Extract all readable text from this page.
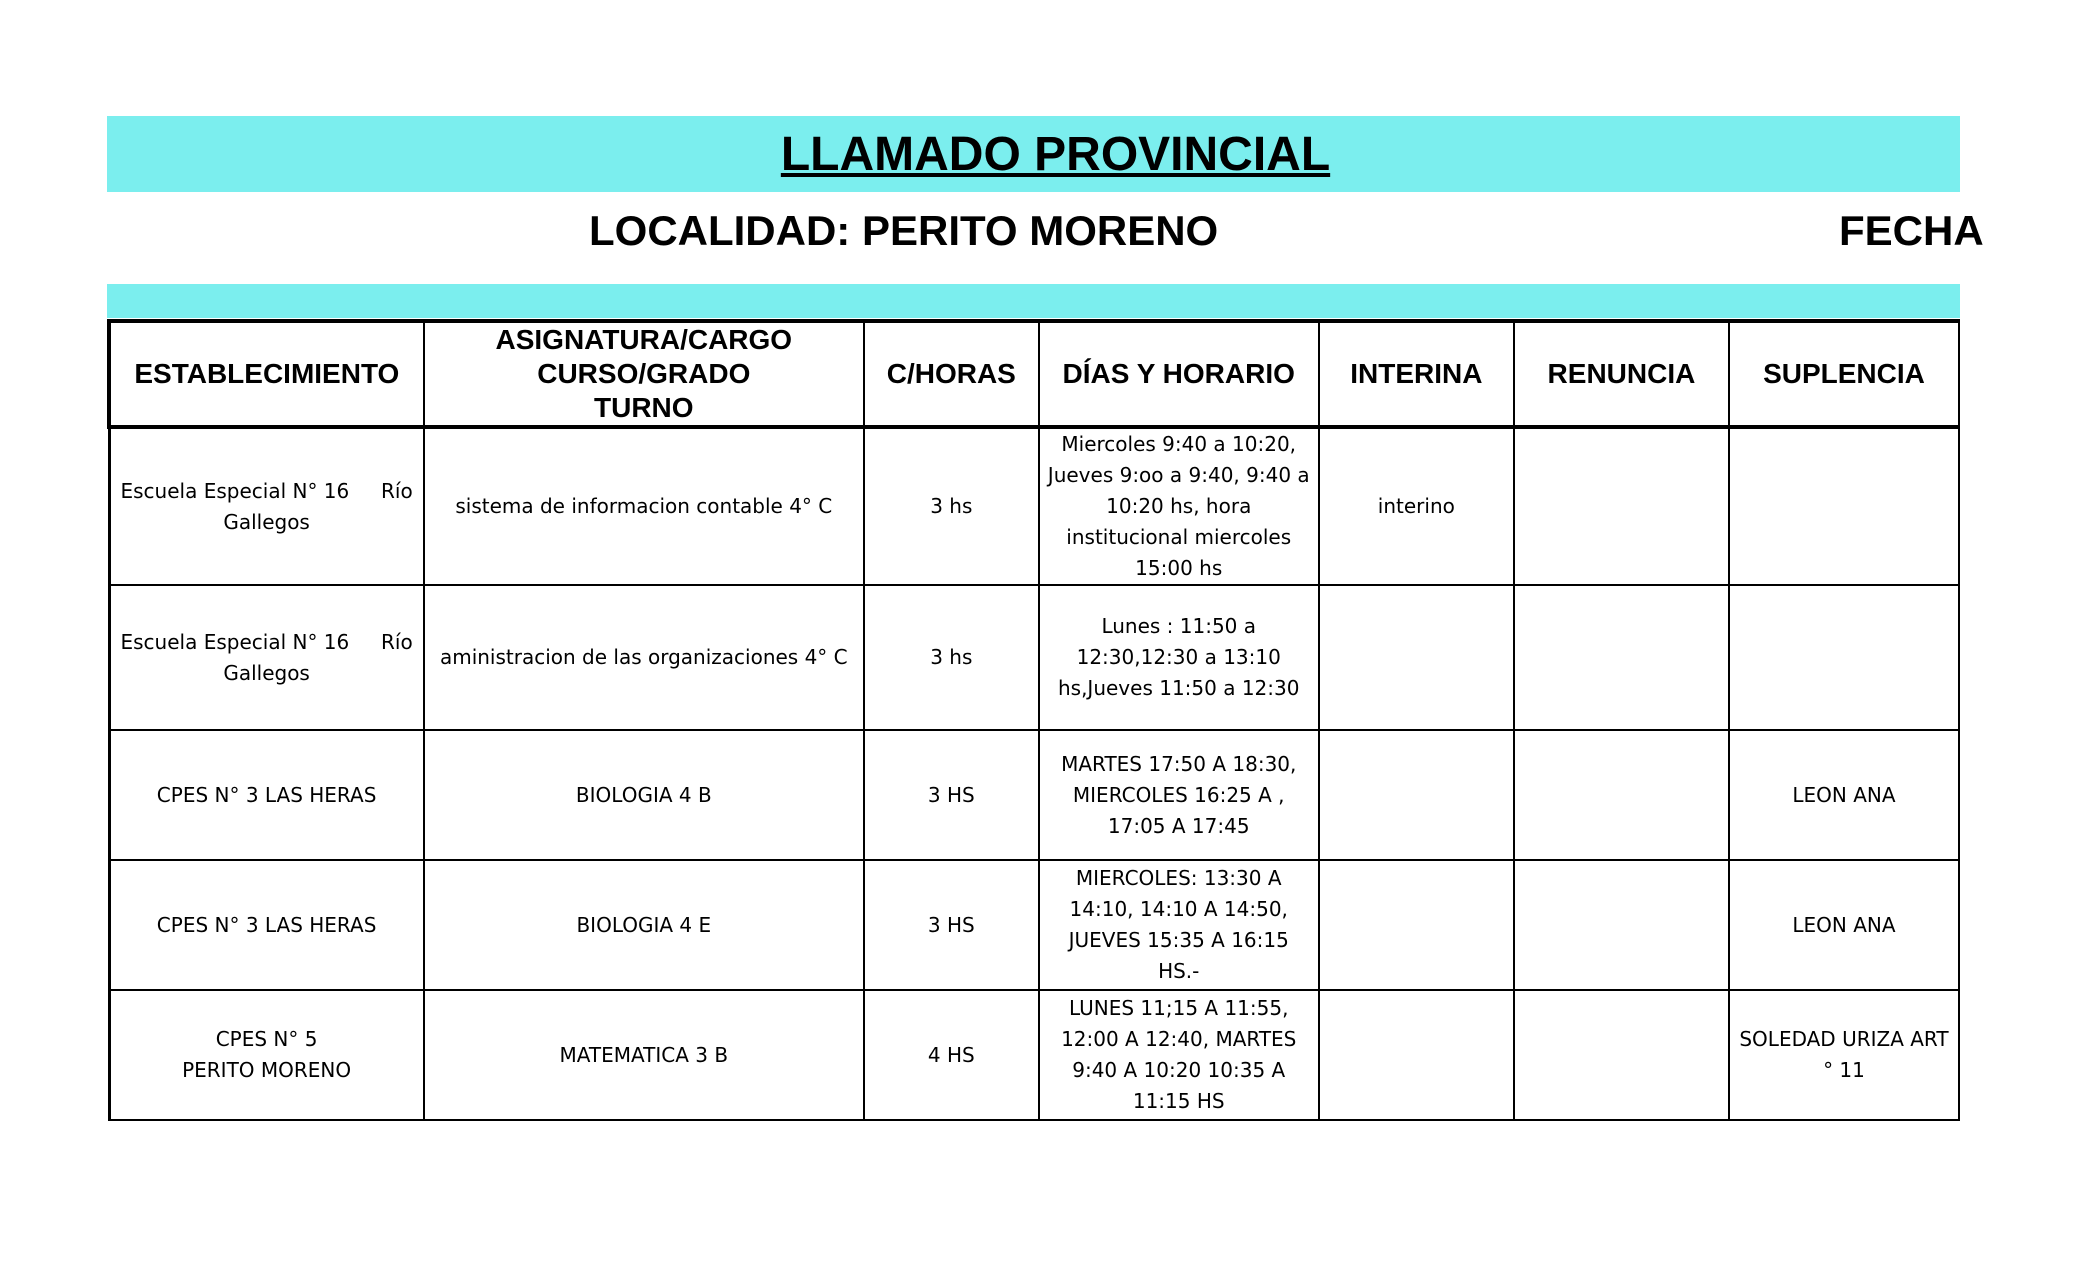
LLAMADO PROVINCIAL
LOCALIDAD: PERITO MORENO	FECHA
ESTABLECIMIENTO	ASIGNATURA/CARGO CURSO/GRADO TURNO	C/HORAS	DÍAS Y HORARIO	INTERINA	RENUNCIA	SUPLENCIA

Escuela Especial N° 16 Río
Gallegos	sistema de informacion contable 4° C	3 hs	Miercoles 9:40 a 10:20, Jueves 9:oo a 9:40, 9:40 a 10:20 hs, hora institucional miercoles 15:00 hs	interino		

Escuela Especial N° 16 Río
Gallegos	aministracion de las organizaciones 4° C	3 hs	Lunes : 11:50 a 12:30,12:30 a 13:10 hs,Jueves 11:50 a 12:30			
CPES N° 3 LAS HERAS	BIOLOGIA 4 B	3 HS	MARTES 17:50 A 18:30, MIERCOLES 16:25 A , 17:05 A 17:45			LEON ANA
CPES N° 3 LAS HERAS	BIOLOGIA 4 E	3 HS	MIERCOLES: 13:30 A 14:10, 14:10 A 14:50, JUEVES 15:35 A 16:15 HS.-			LEON ANA

CPES N° 5
PERITO MORENO	MATEMATICA 3 B	4 HS	LUNES 11;15 A 11:55, 12:00 A 12:40, MARTES 9:40 A 10:20 10:35 A 11:15 HS			SOLEDAD URIZA ART ° 11
